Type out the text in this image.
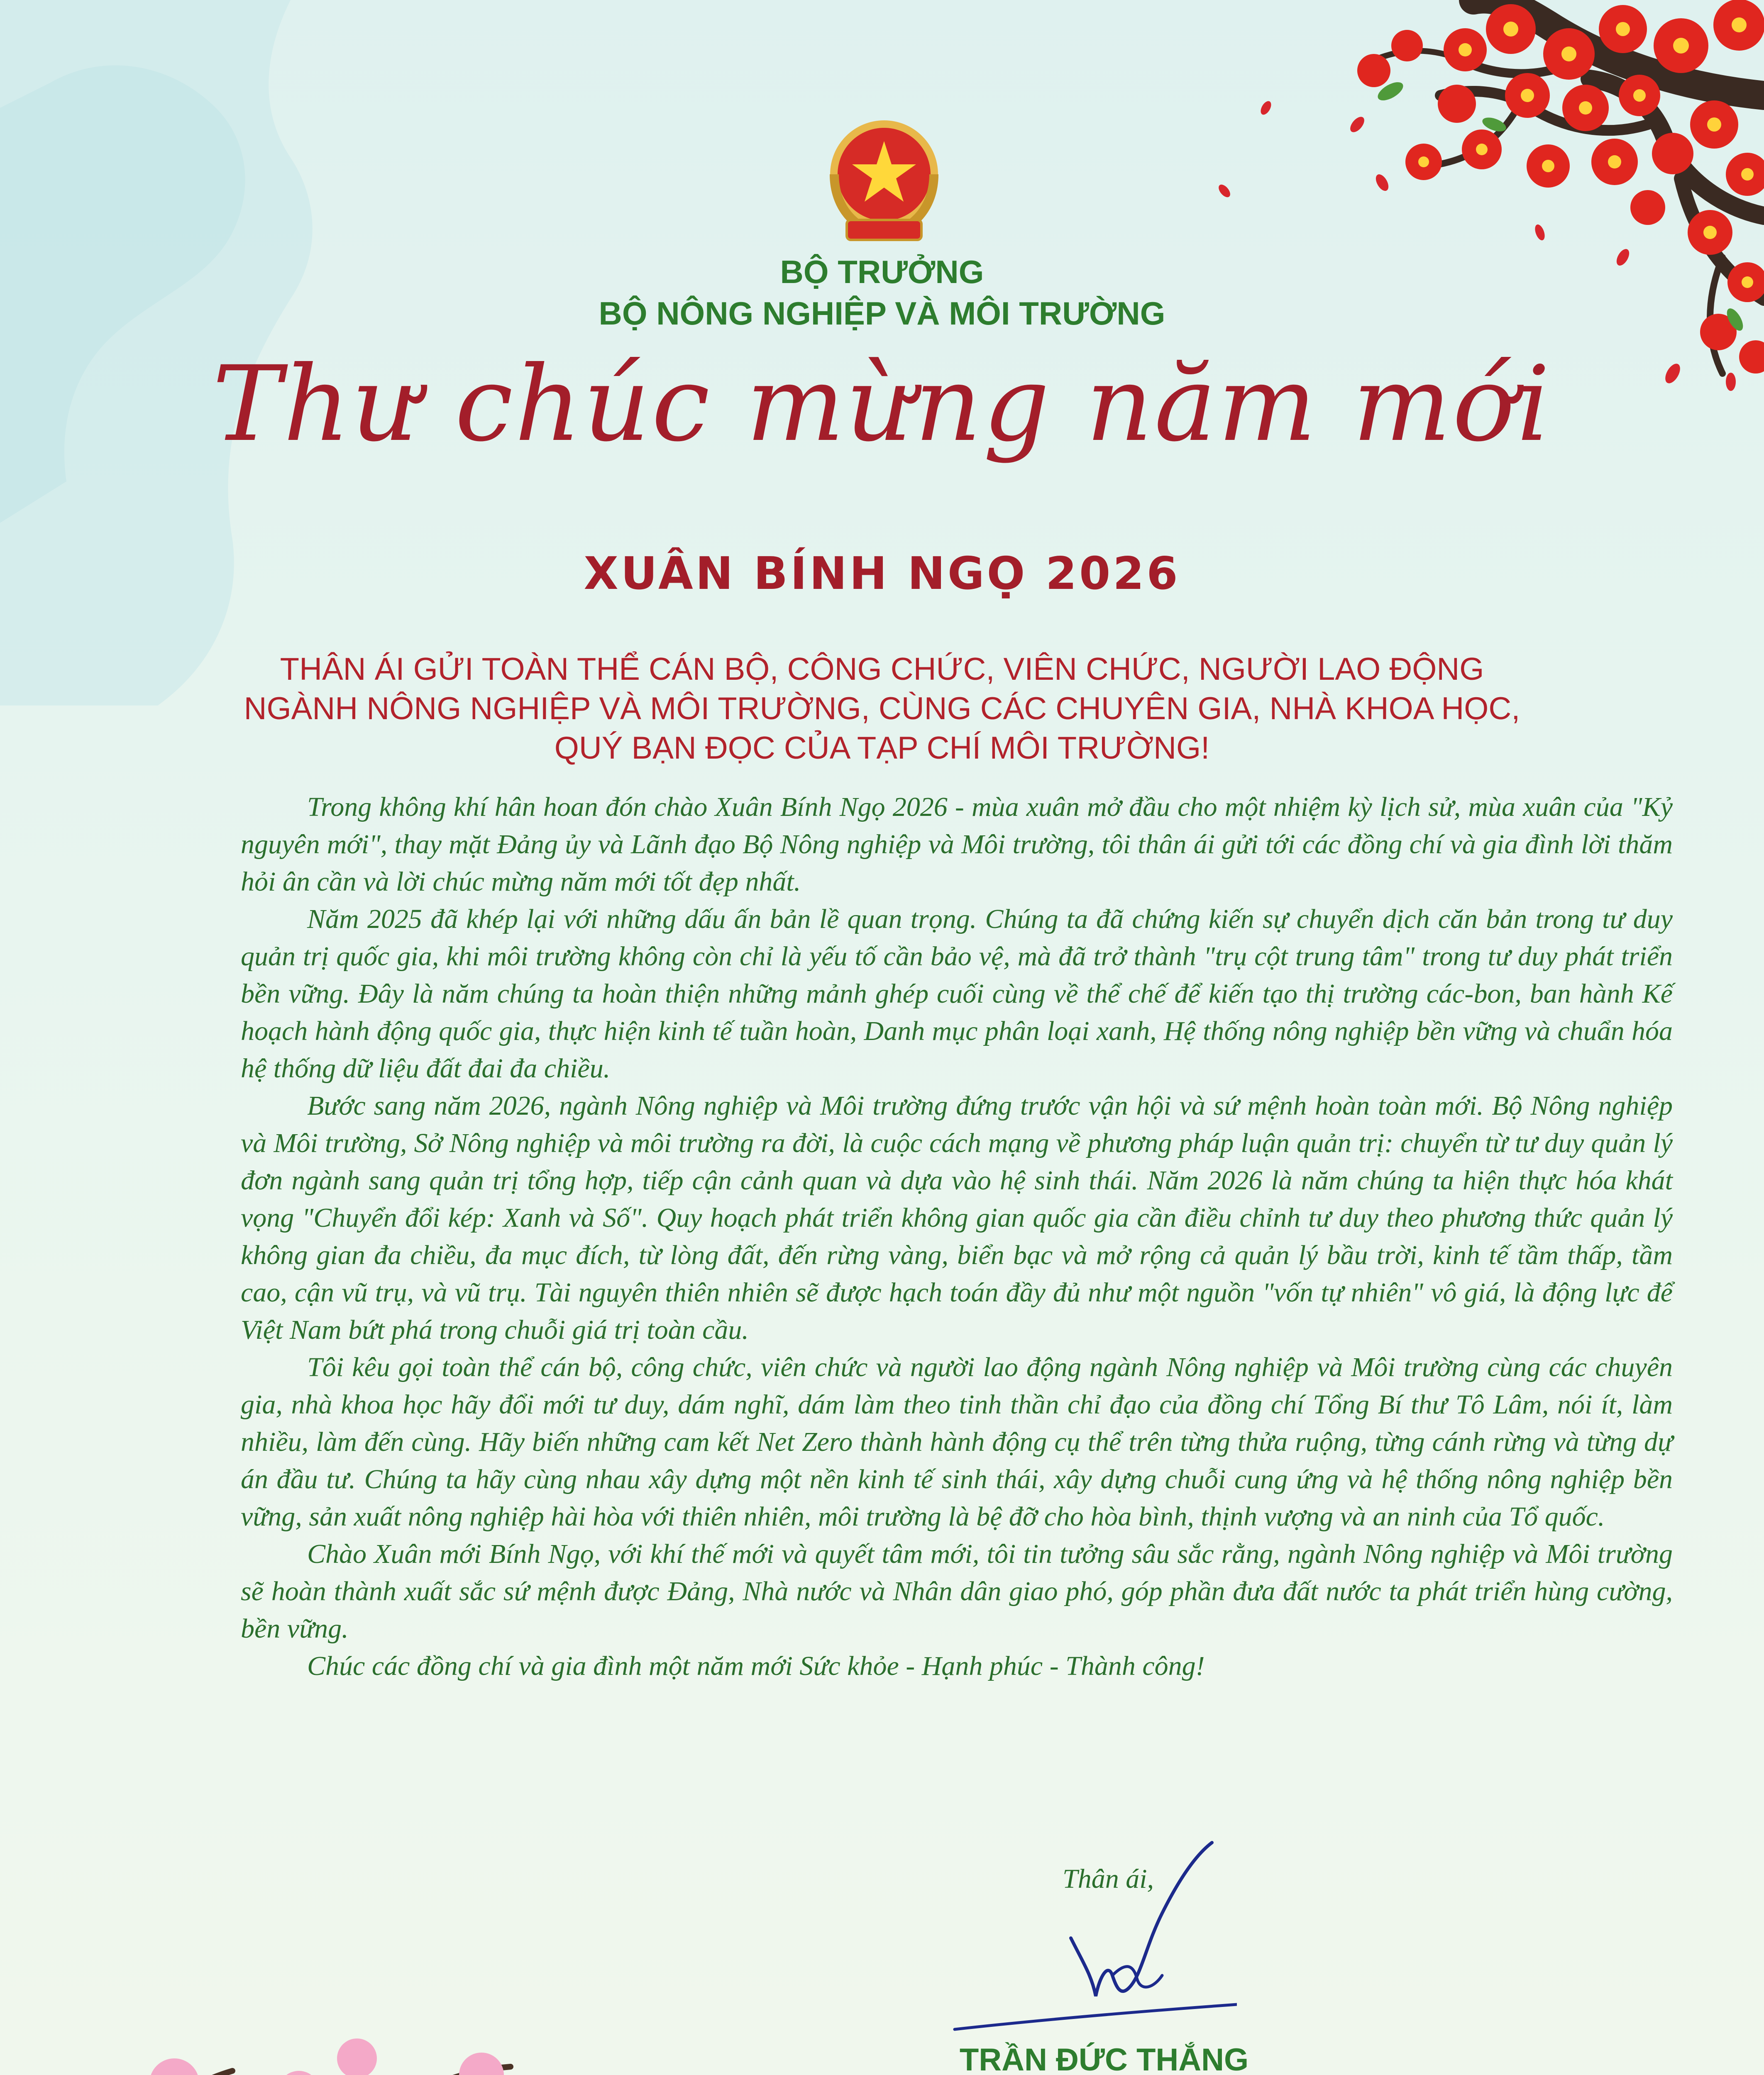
BỘ TRƯỞNG
BỘ NÔNG NGHIỆP VÀ MÔI TRƯỜNG
Thư chúc mừng năm mới
XUÂN BÍNH NGỌ 2026
THÂN ÁI GỬI TOÀN THỂ CÁN BỘ, CÔNG CHỨC, VIÊN CHỨC, NGƯỜI LAO ĐỘNG
NGÀNH NÔNG NGHIỆP VÀ MÔI TRƯỜNG, CÙNG CÁC CHUYÊN GIA, NHÀ KHOA HỌC,
QUÝ BẠN ĐỌC CỦA TẠP CHÍ MÔI TRƯỜNG!

Trong không khí hân hoan đón chào Xuân Bính Ngọ 2026 - mùa xuân mở đầu cho một nhiệm kỳ lịch sử, mùa xuân của "Kỷ nguyên mới", thay mặt Đảng ủy và Lãnh đạo Bộ Nông nghiệp và Môi trường, tôi thân ái gửi tới các đồng chí và gia đình lời thăm hỏi ân cần và lời chúc mừng năm mới tốt đẹp nhất.

Năm 2025 đã khép lại với những dấu ấn bản lề quan trọng. Chúng ta đã chứng kiến sự chuyển dịch căn bản trong tư duy quản trị quốc gia, khi môi trường không còn chỉ là yếu tố cần bảo vệ, mà đã trở thành "trụ cột trung tâm" trong tư duy phát triển bền vững. Đây là năm chúng ta hoàn thiện những mảnh ghép cuối cùng về thể chế để kiến tạo thị trường các-bon, ban hành Kế hoạch hành động quốc gia, thực hiện kinh tế tuần hoàn, Danh mục phân loại xanh, Hệ thống nông nghiệp bền vững và chuẩn hóa hệ thống dữ liệu đất đai đa chiều.

Bước sang năm 2026, ngành Nông nghiệp và Môi trường đứng trước vận hội và sứ mệnh hoàn toàn mới. Bộ Nông nghiệp và Môi trường, Sở Nông nghiệp và môi trường ra đời, là cuộc cách mạng về phương pháp luận quản trị: chuyển từ tư duy quản lý đơn ngành sang quản trị tổng hợp, tiếp cận cảnh quan và dựa vào hệ sinh thái. Năm 2026 là năm chúng ta hiện thực hóa khát vọng "Chuyển đổi kép: Xanh và Số". Quy hoạch phát triển không gian quốc gia cần điều chỉnh tư duy theo phương thức quản lý không gian đa chiều, đa mục đích, từ lòng đất, đến rừng vàng, biển bạc và mở rộng cả quản lý bầu trời, kinh tế tầm thấp, tầm cao, cận vũ trụ, và vũ trụ. Tài nguyên thiên nhiên sẽ được hạch toán đầy đủ như một nguồn "vốn tự nhiên" vô giá, là động lực để Việt Nam bứt phá trong chuỗi giá trị toàn cầu.

Tôi kêu gọi toàn thể cán bộ, công chức, viên chức và người lao động ngành Nông nghiệp và Môi trường cùng các chuyên gia, nhà khoa học hãy đổi mới tư duy, dám nghĩ, dám làm theo tinh thần chỉ đạo của đồng chí Tổng Bí thư Tô Lâm, nói ít, làm nhiều, làm đến cùng. Hãy biến những cam kết Net Zero thành hành động cụ thể trên từng thửa ruộng, từng cánh rừng và từng dự án đầu tư. Chúng ta hãy cùng nhau xây dựng một nền kinh tế sinh thái, xây dựng chuỗi cung ứng và hệ thống nông nghiệp bền vững, sản xuất nông nghiệp hài hòa với thiên nhiên, môi trường là bệ đỡ cho hòa bình, thịnh vượng và an ninh của Tổ quốc.

Chào Xuân mới Bính Ngọ, với khí thế mới và quyết tâm mới, tôi tin tưởng sâu sắc rằng, ngành Nông nghiệp và Môi trường sẽ hoàn thành xuất sắc sứ mệnh được Đảng, Nhà nước và Nhân dân giao phó, góp phần đưa đất nước ta phát triển hùng cường, bền vững.

Chúc các đồng chí và gia đình một năm mới Sức khỏe - Hạnh phúc - Thành công!

Thân ái,
TRẦN ĐỨC THẮNG
